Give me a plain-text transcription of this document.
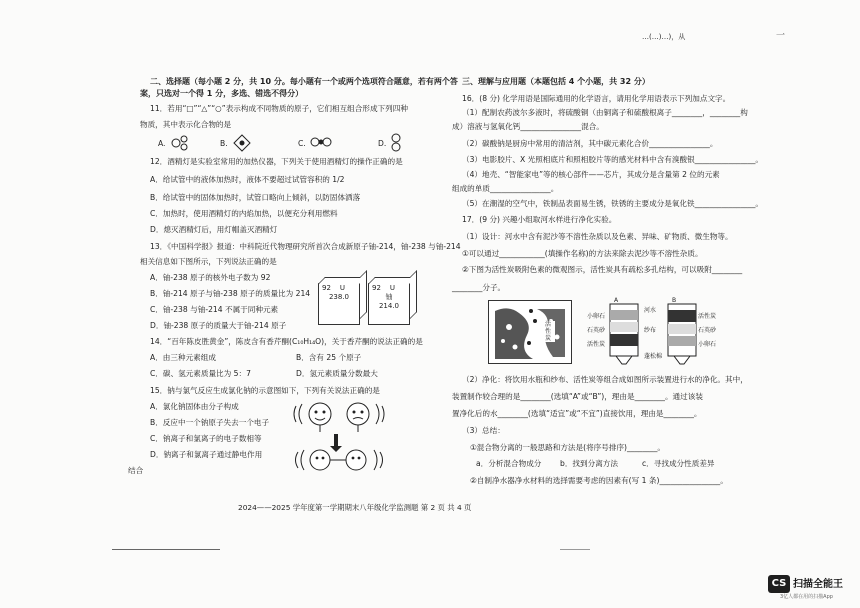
…(…)…)，从	一
二、选择题（每小题 2 分，共 10 分。每小题有一个或两个选项符合题意，若有两个答
案，只选对一个得 1 分，多选、错选不得分）
11．若用“□”“△”“○”表示构成不同物质的原子，它们相互组合形成下列四种
物质，其中表示化合物的是
A.	B.	C.	D.
12．酒精灯是实验室常用的加热仪器，下列关于使用酒精灯的操作正确的是
A．给试管中的液体加热时，液体不要超过试管容积的 1/2
B．给试管中的固体加热时，试管口略向上倾斜，以防固体洒落
C．加热时，使用酒精灯的内焰加热，以便充分利用燃料
D．熄灭酒精灯后，用灯帽盖灭酒精灯
13．《中国科学报》报道：中科院近代物理研究所首次合成新原子铀-214，铀-238 与铀-214
相关信息如下图所示，下列说法正确的是
A．铀-238 原子的核外电子数为 92
B．铀-214 原子与铀-238 原子的质量比为 214
C．铀-238 与铀-214 不属于同种元素
D．铀-238 原子的质量大于铀-214 原子
92 U
238.0
92 U
铀
214.0
14．“百年陈皮胜黄金”，陈皮含有香芹酮(C₁₀H₁₄O)，关于香芹酮的说法正确的是
A．由三种元素组成	B．含有 25 个原子
C．碳、氢元素质量比为 5：7	D．氢元素质量分数最大
15．钠与氯气反应生成氯化钠的示意图如下，下列有关说法正确的是
A．氯化钠固体由分子构成
B．反应中一个钠原子失去一个电子
C．钠离子和氯离子的电子数相等
D．钠离子和氯离子通过静电作用
结合
三、理解与应用题（本题包括 4 个小题，共 32 分）
16．(8 分) 化学用语是国际通用的化学语言，请用化学用语表示下列加点文字。
（1）配制农药波尔多液时，将硫酸铜（由铜离子和硫酸根离子________，________构
成）溶液与氢氧化钙________________混合。
（2）碳酸钠是厨房中常用的清洁剂，其中碳元素化合价________________。
（3）电影胶片、X 光照相底片和照相胶片等的感光材料中含有溴酸银________________。
（4）地壳、“智能家电”等的核心部件——芯片，其成分是含量第 2 位的元素
组成的单质________________。
（5）在潮湿的空气中，铁制品表面易生锈，铁锈的主要成分是氧化铁________________。
17．(9 分) 兴趣小组取河水样进行净化实验。
（1）设计：河水中含有泥沙等不溶性杂质以及色素、异味、矿物质、微生物等。
①可以通过____________(填操作名称)的方法来除去泥沙等不溶性杂质。
②下图为活性炭吸附色素的微观图示，活性炭具有疏松多孔结构，可以吸附________
________分子。
活性炭
A	B
河水
小卵石
石英砂
活性炭
纱布
活性炭
石英砂
小卵石
蓬松棉
（2）净化：将饮用水瓶和纱布、活性炭等组合成如图所示装置进行水的净化。其中，
装置制作较合理的是________(选填“A”或“B”)，理由是________。通过该装
置净化后的水________(选填“适宜”或“不宜”)直接饮用，理由是________。
（3）总结：
①混合物分离的一般思路和方法是(将序号排序)________。
a．分析混合物成分 b．找到分离方法	c．寻找成分性质差异
②自制净水器净水材料的选择需要考虑的因素有(写 1 条)________________。
2024——2025 学年度第一学期期末八年级化学监测题 第 2 页 共 4 页
CS 扫描全能王
3亿人都在用的扫描App
